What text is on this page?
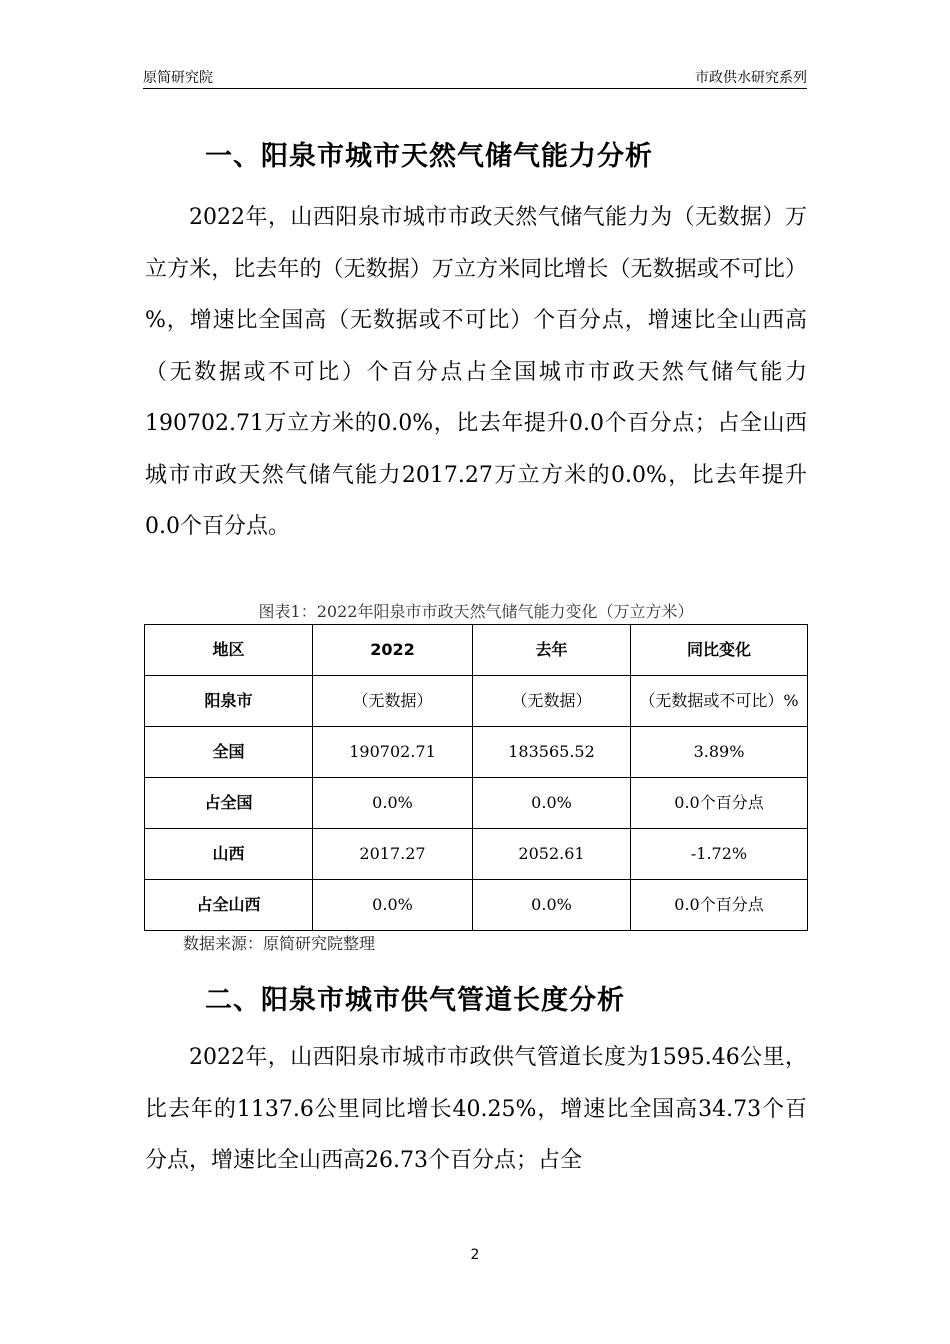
原简研究院	市政供水研究系列
一、阳泉市城市天然气储气能力分析

2022年，山西阳泉市城市市政天然气储气能力为（无数据）万立方米，比去年的（无数据）万立方米同比增长（无数据或不可比）%，增速比全国高（无数据或不可比）个百分点，增速比全山西高（无数据或不可比）个百分点占全国城市市政天然气储气能力190702.71万立方米的0.0%，比去年提升0.0个百分点；占全山西城市市政天然气储气能力2017.27万立方米的0.0%，比去年提升0.0个百分点。

图表1：2022年阳泉市市政天然气储气能力变化（万立方米）
地区	2022	去年	同比变化
阳泉市	（无数据）	（无数据）	（无数据或不可比）%
全国	190702.71	183565.52	3.89%
占全国	0.0%	0.0%	0.0个百分点
山西	2017.27	2052.61	-1.72%
占全山西	0.0%	0.0%	0.0个百分点
数据来源：原简研究院整理
二、阳泉市城市供气管道长度分析

2022年，山西阳泉市城市市政供气管道长度为1595.46公里，比去年的1137.6公里同比增长40.25%，增速比全国高34.73个百分点，增速比全山西高26.73个百分点；占全

2
